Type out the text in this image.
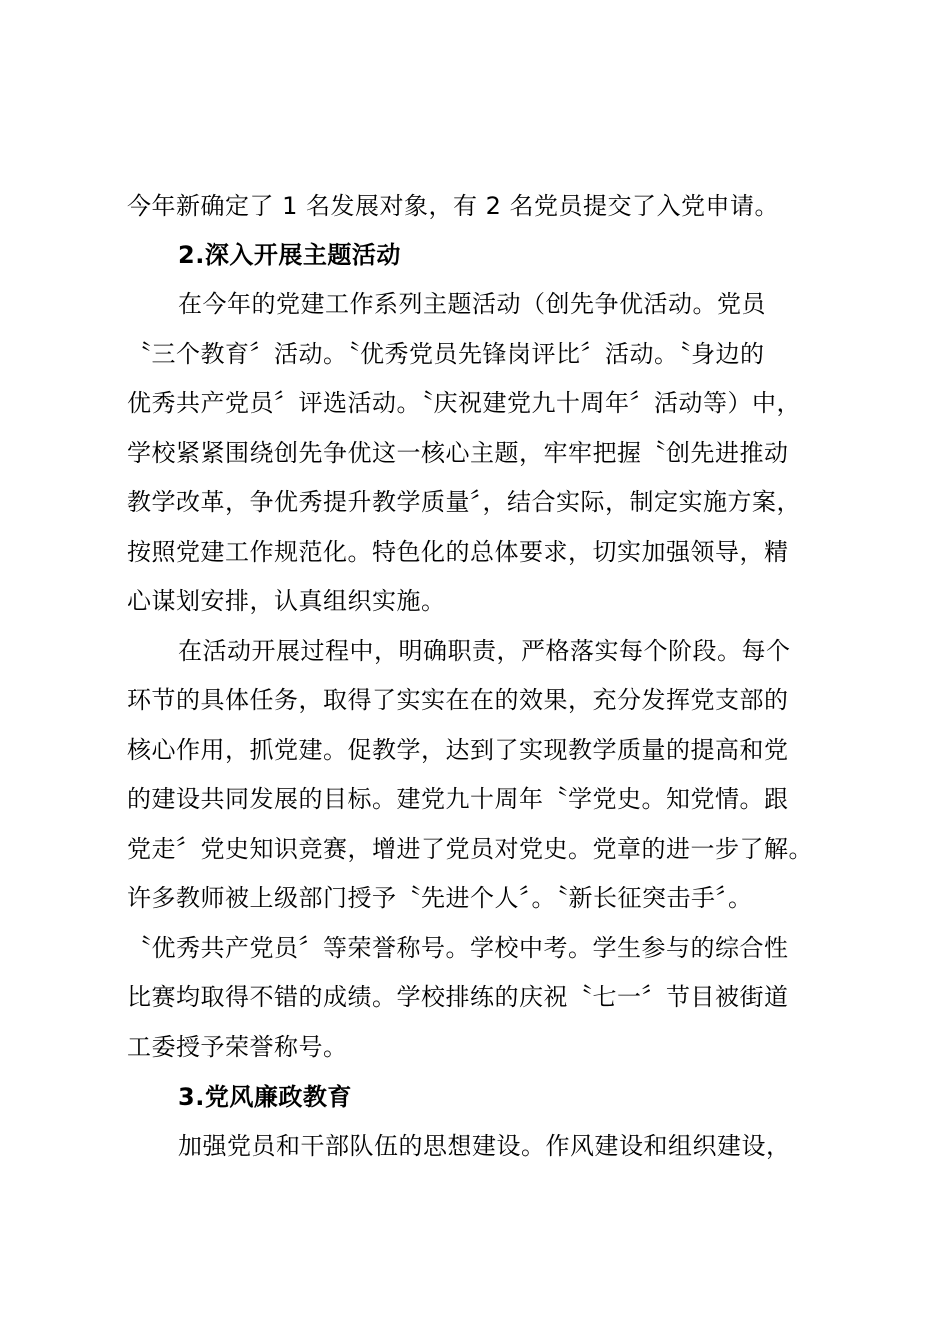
今年新确定了 1 名发展对象，有 2 名党员提交了入党申请。
2.深入开展主题活动
在今年的党建工作系列主题活动（创先争优活动。党员
〝三个教育〞活动。〝优秀党员先锋岗评比〞活动。〝身边的
优秀共产党员〞评选活动。〝庆祝建党九十周年〞活动等）中，
学校紧紧围绕创先争优这一核心主题，牢牢把握〝创先进推动
教学改革，争优秀提升教学质量〞，结合实际，制定实施方案，
按照党建工作规范化。特色化的总体要求，切实加强领导，精
心谋划安排，认真组织实施。
在活动开展过程中，明确职责，严格落实每个阶段。每个
环节的具体任务，取得了实实在在的效果，充分发挥党支部的
核心作用，抓党建。促教学，达到了实现教学质量的提高和党
的建设共同发展的目标。建党九十周年〝学党史。知党情。跟
党走〞党史知识竞赛，增进了党员对党史。党章的进一步了解。
许多教师被上级部门授予〝先进个人〞。〝新长征突击手〞。
〝优秀共产党员〞等荣誉称号。学校中考。学生参与的综合性
比赛均取得不错的成绩。学校排练的庆祝〝七一〞节目被街道
工委授予荣誉称号。
3.党风廉政教育
加强党员和干部队伍的思想建设。作风建设和组织建设，
